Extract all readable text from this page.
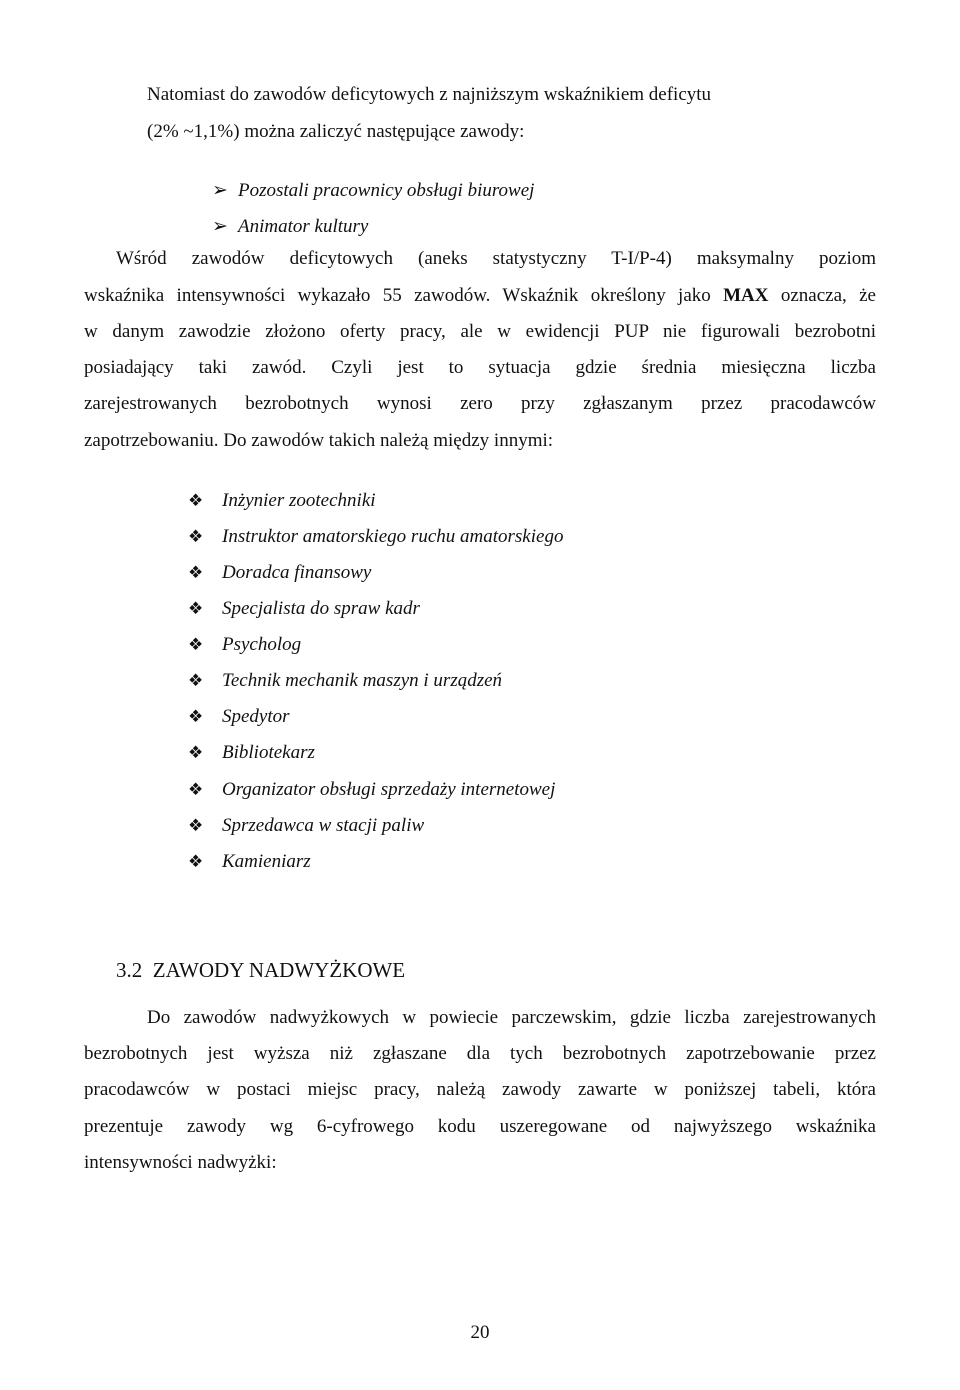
Natomiast do zawodów deficytowych z najniższym wskaźnikiem deficytu
(2% ~1,1%) można zaliczyć następujące zawody:
➢ Pozostali pracownicy obsługi biurowej
➢ Animator kultury
Wśród zawodów deficytowych (aneks statystyczny T-I/P-4) maksymalny poziom
wskaźnika intensywności wykazało 55 zawodów. Wskaźnik określony jako MAX oznacza, że
w danym zawodzie złożono oferty pracy, ale w ewidencji PUP nie figurowali bezrobotni
posiadający taki zawód. Czyli jest to sytuacja gdzie średnia miesięczna liczba
zarejestrowanych bezrobotnych wynosi zero przy zgłaszanym przez pracodawców
zapotrzebowaniu. Do zawodów takich należą między innymi:
❖ Inżynier zootechniki
❖ Instruktor amatorskiego ruchu amatorskiego
❖ Doradca finansowy
❖ Specjalista do spraw kadr
❖ Psycholog
❖ Technik mechanik maszyn i urządzeń
❖ Spedytor
❖ Bibliotekarz
❖ Organizator obsługi sprzedaży internetowej
❖ Sprzedawca w stacji paliw
❖ Kamieniarz
3.2 ZAWODY NADWYŻKOWE
Do zawodów nadwyżkowych w powiecie parczewskim, gdzie liczba zarejestrowanych
bezrobotnych jest wyższa niż zgłaszane dla tych bezrobotnych zapotrzebowanie przez
pracodawców w postaci miejsc pracy, należą zawody zawarte w poniższej tabeli, która
prezentuje zawody wg 6-cyfrowego kodu uszeregowane od najwyższego wskaźnika
intensywności nadwyżki:
20
